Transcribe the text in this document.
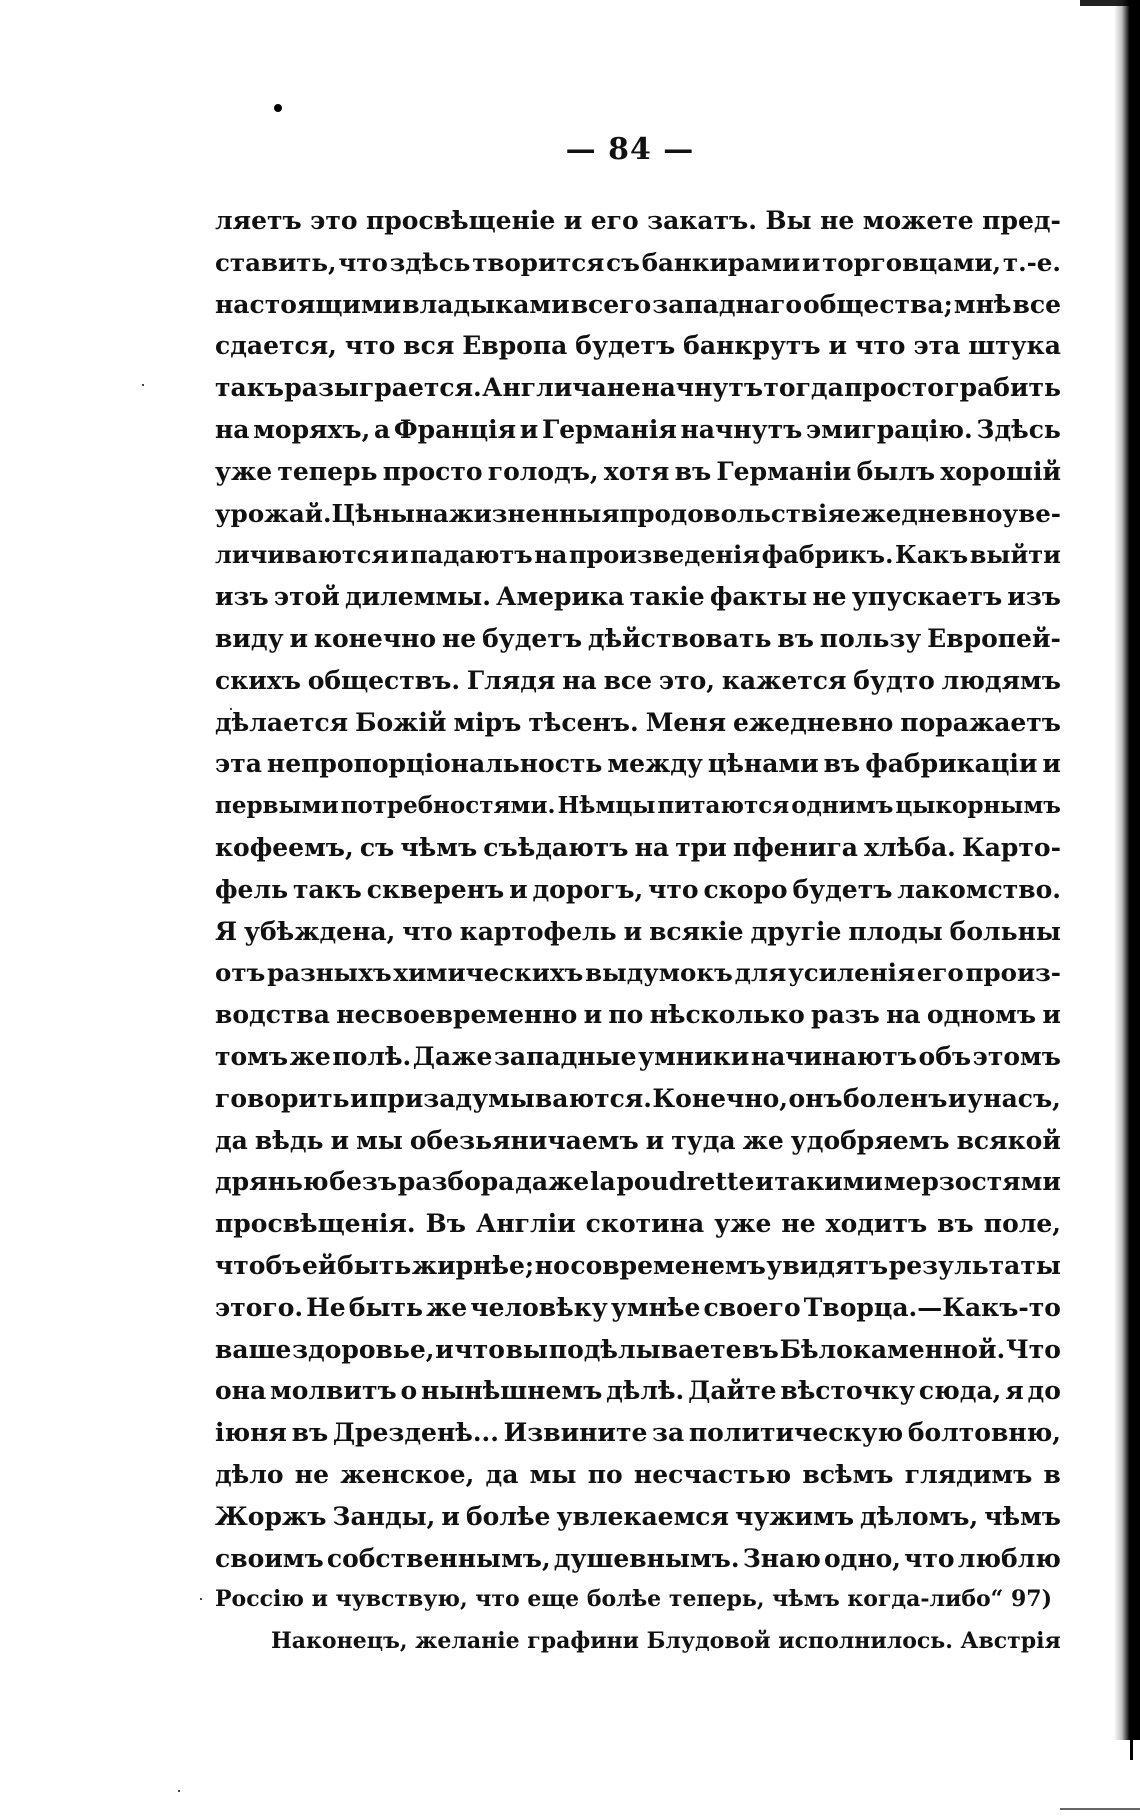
— 84 —
ляетъ это просвѣщеніе и его закатъ. Вы не можете пред-
ставить, что здѣсь творится съ банкирами и торговцами, т.-е.
настоящими владыками всего западнаго общества; мнѣ все
сдается, что вся Европа будетъ банкрутъ и что эта штука
такъ разыграется. Англичане начнутъ тогда просто грабить
на моряхъ, а Францiя и Германiя начнутъ эмиграцiю. Здѣсь
уже теперь просто голодъ, хотя въ Германiи былъ хорошій
урожай. Цѣны на жизненныя продовольствія ежедневно уве-
личиваются и падаютъ на произведенія фабрикъ. Какъ выйти
изъ этой дилеммы. Америка такіе факты не упускаетъ изъ
виду и конечно не будетъ дѣйствовать въ пользу Европей-
скихъ обществъ. Глядя на все это, кажется будто людямъ
дѣлается Божій міръ тѣсенъ. Меня ежедневно поражаетъ
эта непропорціональность между цѣнами въ фабрикаціи и
первыми потребностями. Нѣмцы питаются однимъ цыкорнымъ
кофеемъ, съ чѣмъ съѣдаютъ на три пфенига хлѣба. Карто-
фель такъ скверенъ и дорогъ, что скоро будетъ лакомство.
Я убѣждена, что картофель и всякіе другіе плоды больны
отъ разныхъ химическихъ выдумокъ для усиленія его произ-
водства несвоевременно и по нѣсколько разъ на одномъ и
томъ же полѣ. Даже западные умники начинаютъ объ этомъ
говорить и призадумываются. Конечно, онъ боленъ и у насъ,
да вѣдь и мы обезьяничаемъ и туда же удобряемъ всякой
дрянью безъ разбора даже la poudrette и такими мерзостями
просвѣщенія. Въ Англіи скотина уже не ходитъ въ поле,
чтобъ ей быть жирнѣе; но современемъ увидятъ результаты
этого. Не быть же человѣку умнѣе своего Творца.—Какъ-то
ваше здоровье, и что вы подѣлываете въ Бѣлокаменной. Что
она молвитъ о нынѣшнемъ дѣлѣ. Дайте вѣсточку сюда, я до
іюня въ Дрезденѣ... Извините за политическую болтовню,
дѣло не женское, да мы по несчастью всѣмъ глядимъ в
Жоржъ Занды, и болѣе увлекаемся чужимъ дѣломъ, чѣмъ
своимъ собственнымъ, душевнымъ. Знаю одно, что люблю
Россію и чувствую, что еще болѣе теперь, чѣмъ когда-либо“ 97)
Наконецъ, желаніе графини Блудовой исполнилось. Австрія
